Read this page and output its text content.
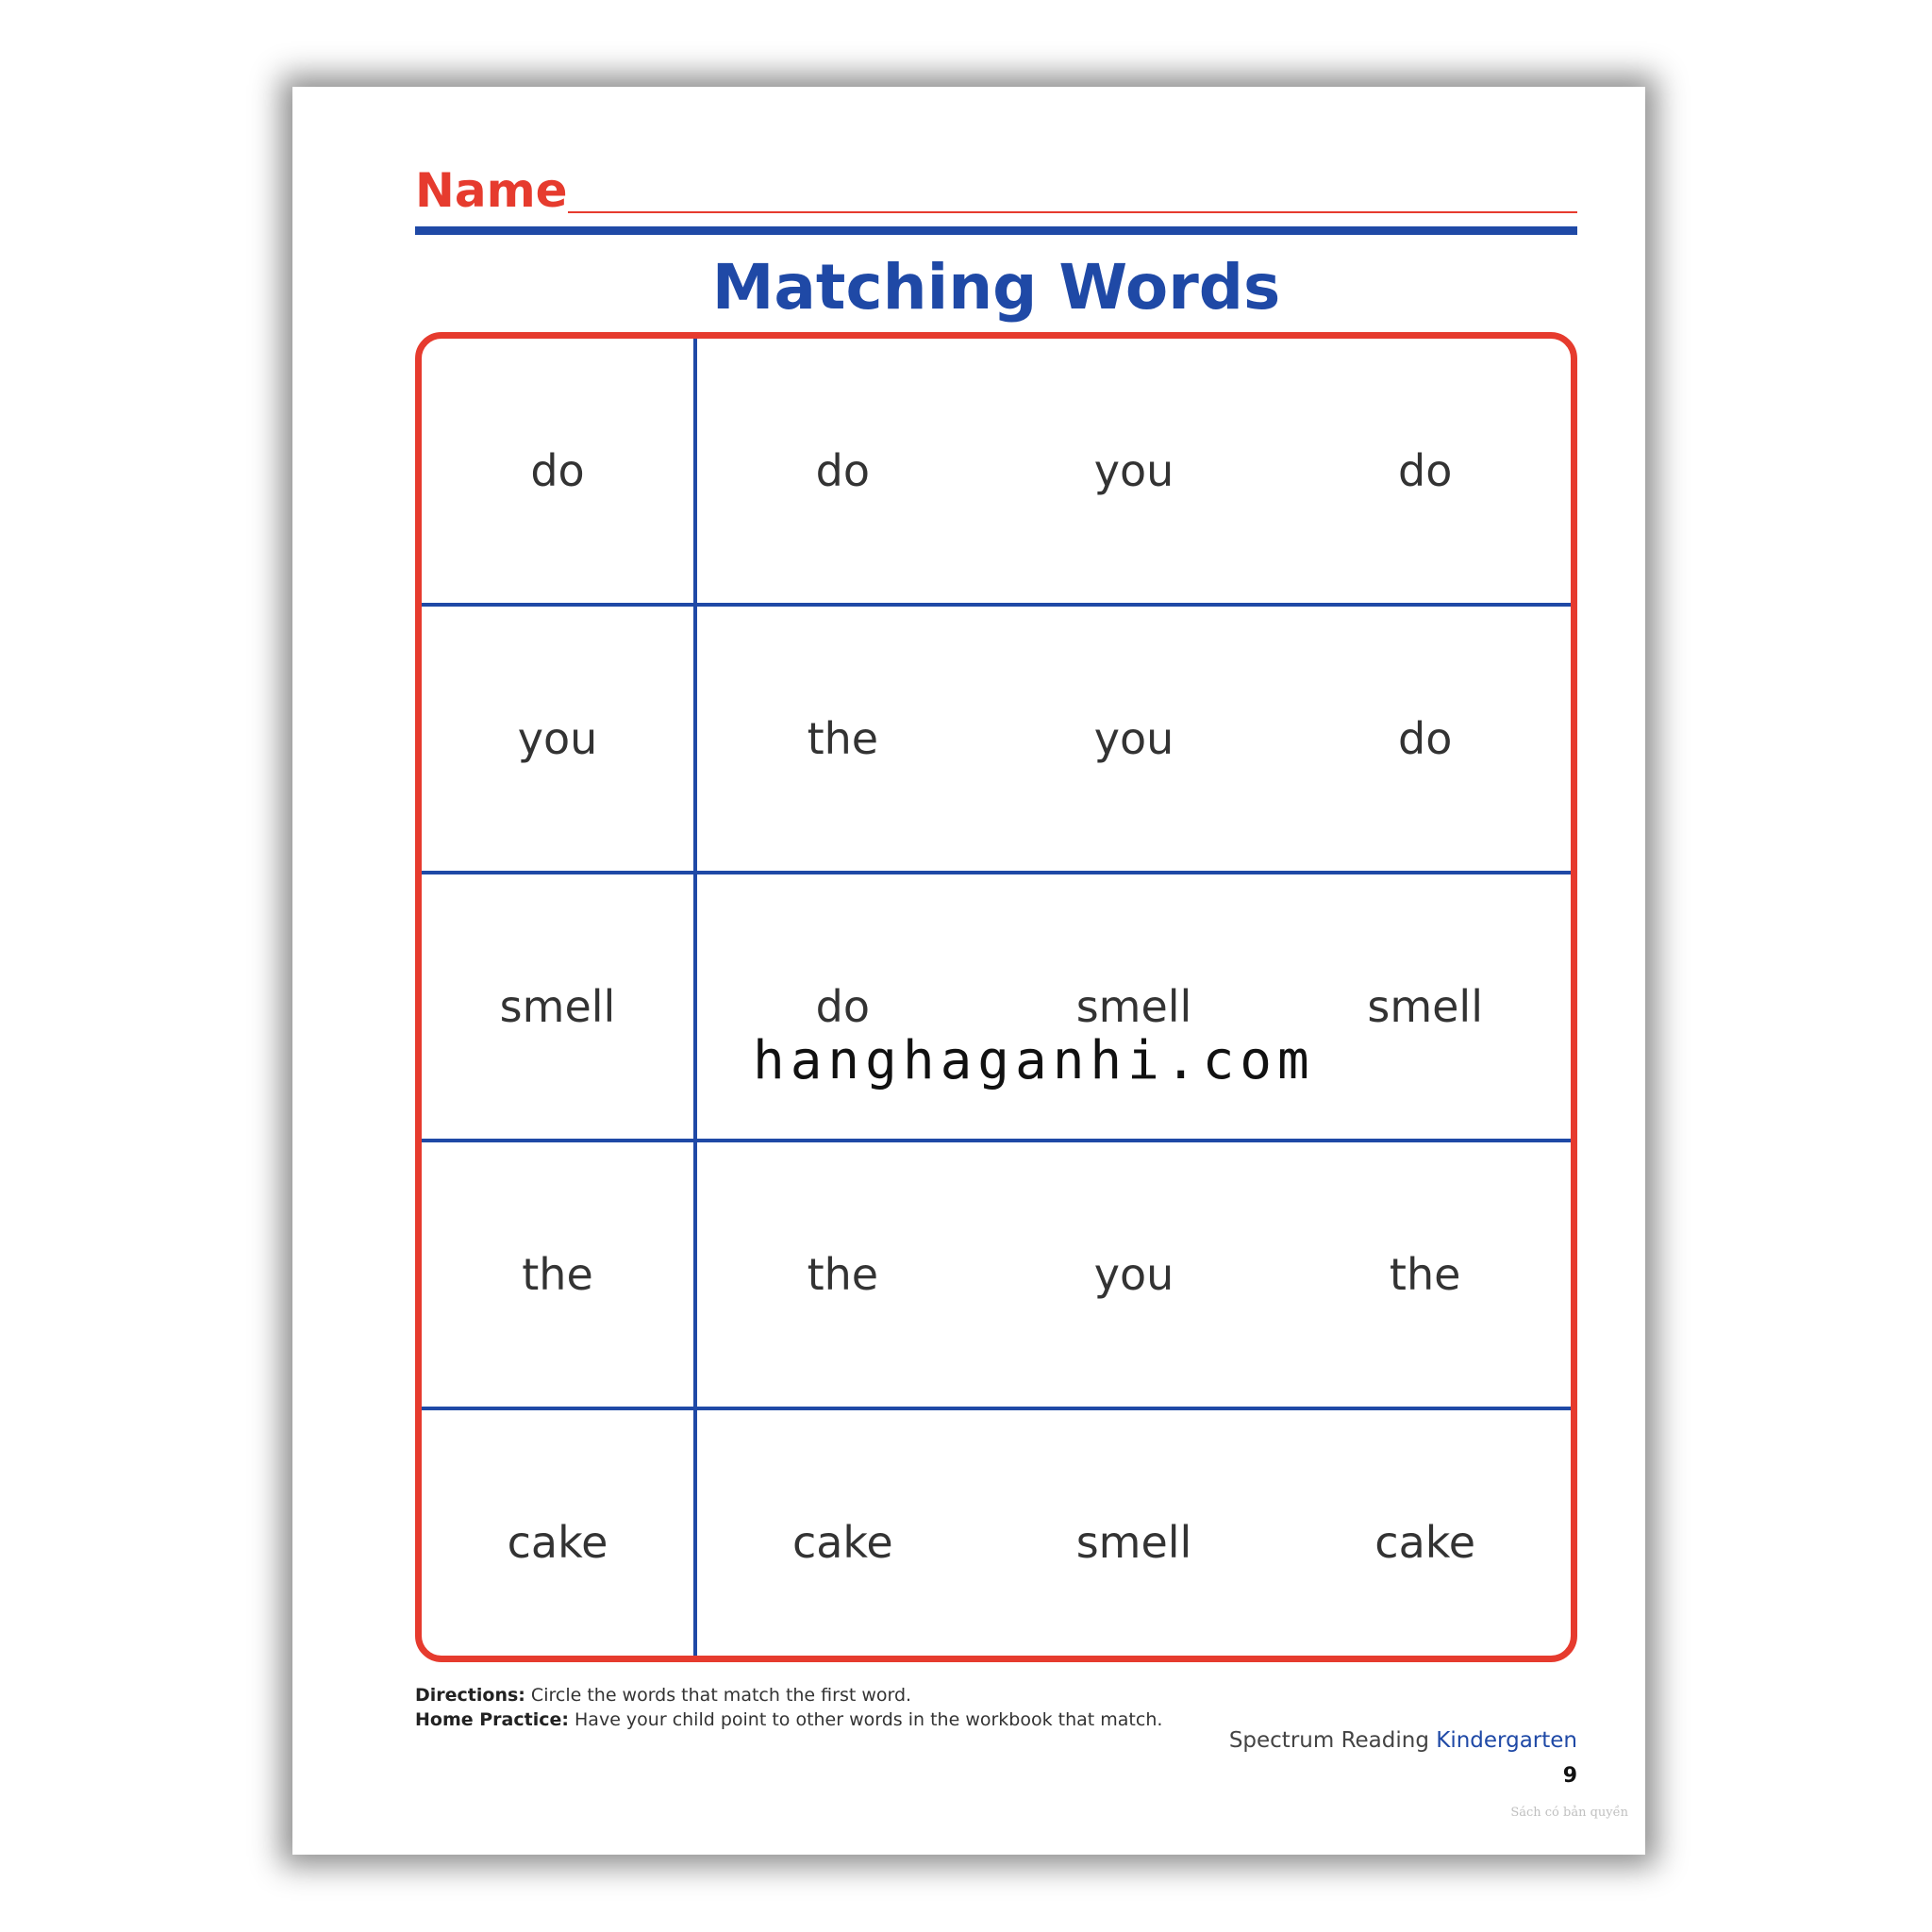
Name
Matching Words
do	do	you	do
you	the	you	do
smell	do	smell	smell
the	the	you	the
cake	cake	smell	cake
hanghaganhi.com
Directions: Circle the words that match the first word.
Home Practice: Have your child point to other words in the workbook that match.
Spectrum Reading Kindergarten
9
Sách có bản quyền
